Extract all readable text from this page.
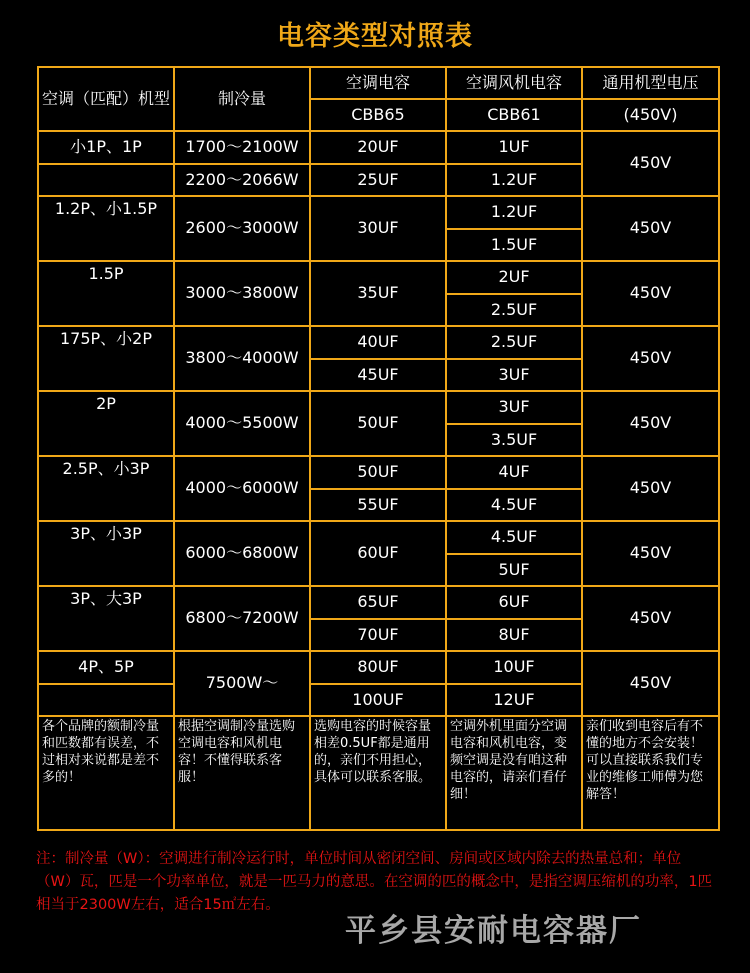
电容类型对照表
空调（匹配）机型	制冷量	空调电容	空调风机电容	通用机型电压
		CBB65	CBB61	(450V)
小1P、1P	1700～2100W	20UF	1UF	450V
	2200～2066W	25UF	1.2UF	
1.2P、小1.5P	2600～3000W	30UF	1.2UF	450V
			1.5UF	
1.5P	3000～3800W	35UF	2UF	450V
			2.5UF	
175P、小2P	3800～4000W	40UF	2.5UF	450V
		45UF	3UF	
2P	4000～5500W	50UF	3UF	450V
			3.5UF	
2.5P、小3P	4000～6000W	50UF	4UF	450V
		55UF	4.5UF	
3P、小3P	6000～6800W	60UF	4.5UF	450V
			5UF	
3P、大3P	6800～7200W	65UF	6UF	450V
		70UF	8UF	
4P、5P	7500W～	80UF	10UF	450V
		100UF	12UF	
各个品牌的额制冷量和匹数都有误差，不过相对来说都是差不多的！	根据空调制冷量选购空调电容和风机电容！不懂得联系客服！	选购电容的时候容量相差0.5UF都是通用的，亲们不用担心，具体可以联系客服。	空调外机里面分空调电容和风机电容，变频空调是没有咱这种电容的，请亲们看仔细！	亲们收到电容后有不懂的地方不会安装！可以直接联系我们专业的维修工师傅为您解答！

注：制冷量（W）：空调进行制冷运行时，单位时间从密闭空间、房间或区域内除去的热量总和；单位（W）瓦，匹是一个功率单位，就是一匹马力的意思。在空调的匹的概念中，是指空调压缩机的功率，1匹相当于2300W左右，适合15㎡左右。

平乡县安耐电容器厂
